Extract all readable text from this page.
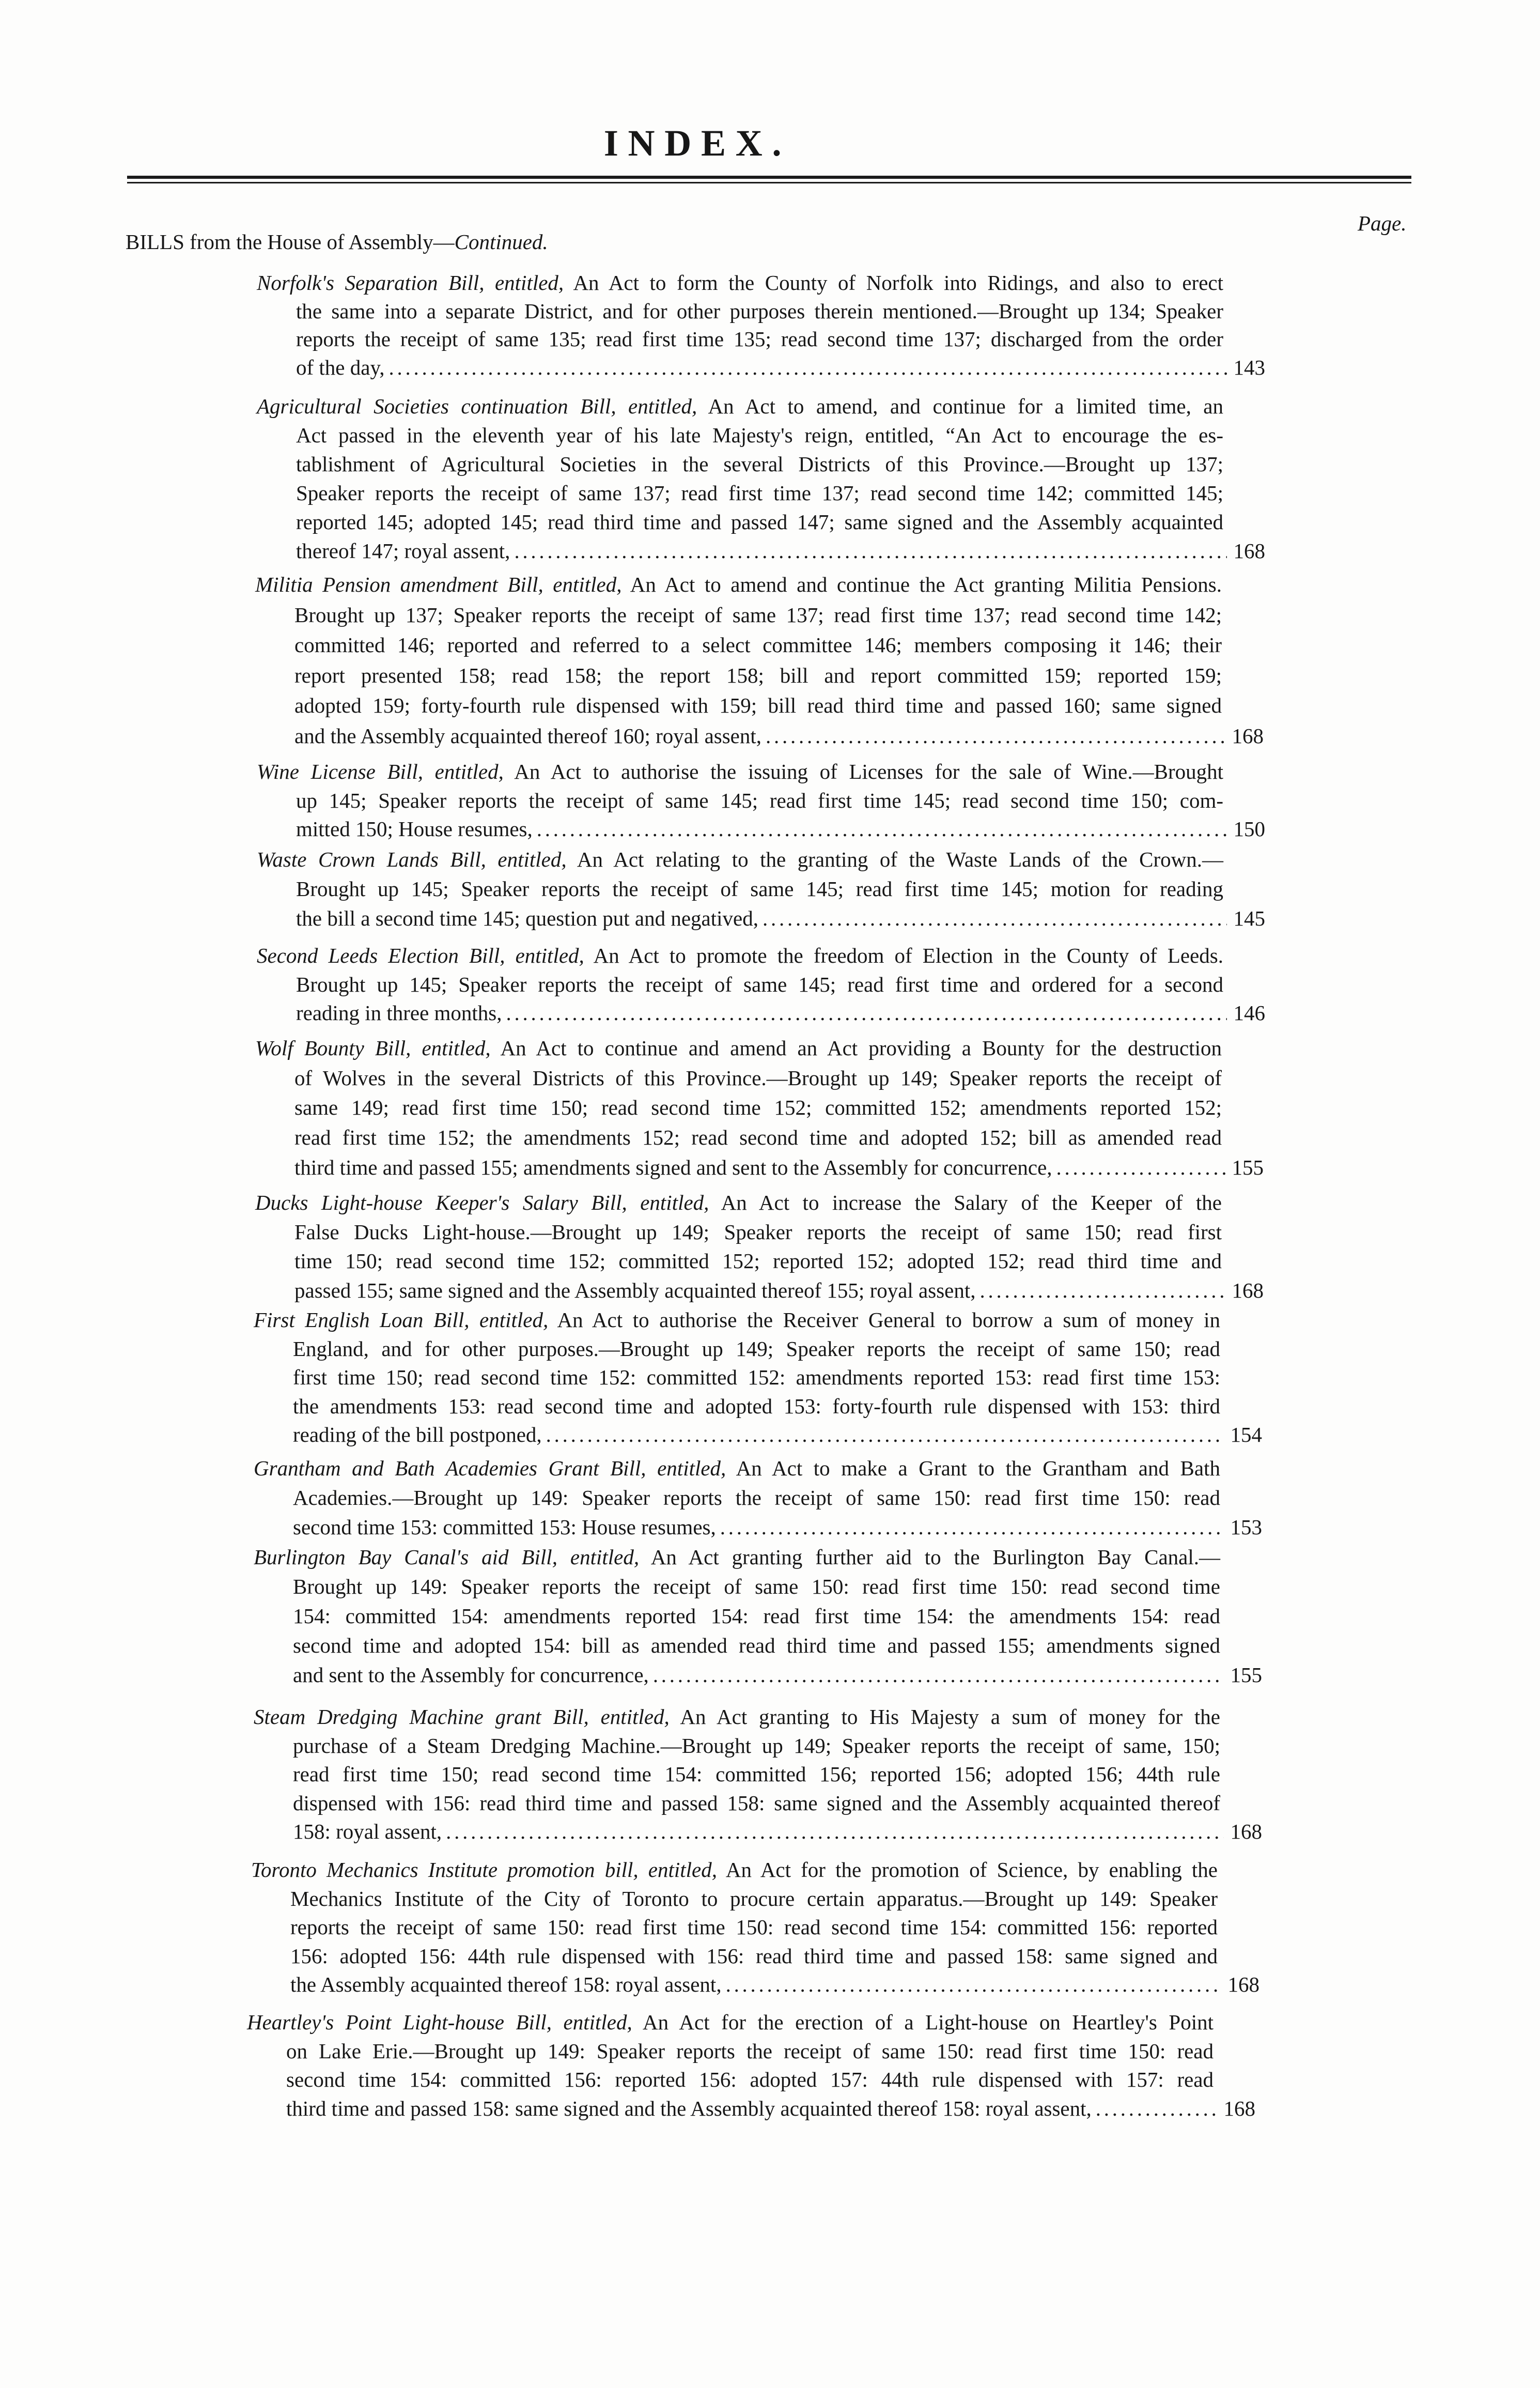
INDEX.
Page.
BILLS from the House of Assembly—Continued.
Norfolk's Separation Bill, entitled, An Act to form the County of Norfolk into Ridings, and also to erect
the same into a separate District, and for other purposes therein mentioned.—Brought up 134; Speaker
reports the receipt of same 135; read first time 135; read second time 137; discharged from the order
of the day, .....	143
Agricultural Societies continuation Bill, entitled, An Act to amend, and continue for a limited time, an
Act passed in the eleventh year of his late Majesty's reign, entitled, “An Act to encourage the es-
tablishment of Agricultural Societies in the several Districts of this Province.—Brought up 137;
Speaker reports the receipt of same 137; read first time 137; read second time 142; committed 145;
reported 145; adopted 145; read third time and passed 147; same signed and the Assembly acquainted
thereof 147; royal assent, .....	168
Militia Pension amendment Bill, entitled, An Act to amend and continue the Act granting Militia Pensions.
Brought up 137; Speaker reports the receipt of same 137; read first time 137; read second time 142;
committed 146; reported and referred to a select committee 146; members composing it 146; their
report presented 158; read 158; the report 158; bill and report committed 159; reported 159;
adopted 159; forty-fourth rule dispensed with 159; bill read third time and passed 160; same signed
and the Assembly acquainted thereof 160; royal assent, .....	168
Wine License Bill, entitled, An Act to authorise the issuing of Licenses for the sale of Wine.—Brought
up 145; Speaker reports the receipt of same 145; read first time 145; read second time 150; com-
mitted 150; House resumes, .....	150
Waste Crown Lands Bill, entitled, An Act relating to the granting of the Waste Lands of the Crown.—
Brought up 145; Speaker reports the receipt of same 145; read first time 145; motion for reading
the bill a second time 145; question put and negatived, .....	145
Second Leeds Election Bill, entitled, An Act to promote the freedom of Election in the County of Leeds.
Brought up 145; Speaker reports the receipt of same 145; read first time and ordered for a second
reading in three months, .....	146
Wolf Bounty Bill, entitled, An Act to continue and amend an Act providing a Bounty for the destruction
of Wolves in the several Districts of this Province.—Brought up 149; Speaker reports the receipt of
same 149; read first time 150; read second time 152; committed 152; amendments reported 152;
read first time 152; the amendments 152; read second time and adopted 152; bill as amended read
third time and passed 155; amendments signed and sent to the Assembly for concurrence, .....	155
Ducks Light-house Keeper's Salary Bill, entitled, An Act to increase the Salary of the Keeper of the
False Ducks Light-house.—Brought up 149; Speaker reports the receipt of same 150; read first
time 150; read second time 152; committed 152; reported 152; adopted 152; read third time and
passed 155; same signed and the Assembly acquainted thereof 155; royal assent, .....	168
First English Loan Bill, entitled, An Act to authorise the Receiver General to borrow a sum of money in
England, and for other purposes.—Brought up 149; Speaker reports the receipt of same 150; read
first time 150; read second time 152: committed 152: amendments reported 153: read first time 153:
the amendments 153: read second time and adopted 153: forty-fourth rule dispensed with 153: third
reading of the bill postponed, .....	154
Grantham and Bath Academies Grant Bill, entitled, An Act to make a Grant to the Grantham and Bath
Academies.—Brought up 149: Speaker reports the receipt of same 150: read first time 150: read
second time 153: committed 153: House resumes, .....	153
Burlington Bay Canal's aid Bill, entitled, An Act granting further aid to the Burlington Bay Canal.—
Brought up 149: Speaker reports the receipt of same 150: read first time 150: read second time
154: committed 154: amendments reported 154: read first time 154: the amendments 154: read
second time and adopted 154: bill as amended read third time and passed 155; amendments signed
and sent to the Assembly for concurrence, .....	155
Steam Dredging Machine grant Bill, entitled, An Act granting to His Majesty a sum of money for the
purchase of a Steam Dredging Machine.—Brought up 149; Speaker reports the receipt of same, 150;
read first time 150; read second time 154: committed 156; reported 156; adopted 156; 44th rule
dispensed with 156: read third time and passed 158: same signed and the Assembly acquainted thereof
158: royal assent, .....	168
Toronto Mechanics Institute promotion bill, entitled, An Act for the promotion of Science, by enabling the
Mechanics Institute of the City of Toronto to procure certain apparatus.—Brought up 149: Speaker
reports the receipt of same 150: read first time 150: read second time 154: committed 156: reported
156: adopted 156: 44th rule dispensed with 156: read third time and passed 158: same signed and
the Assembly acquainted thereof 158: royal assent, .....	168
Heartley's Point Light-house Bill, entitled, An Act for the erection of a Light-house on Heartley's Point
on Lake Erie.—Brought up 149: Speaker reports the receipt of same 150: read first time 150: read
second time 154: committed 156: reported 156: adopted 157: 44th rule dispensed with 157: read
third time and passed 158: same signed and the Assembly acquainted thereof 158: royal assent, .....	168
